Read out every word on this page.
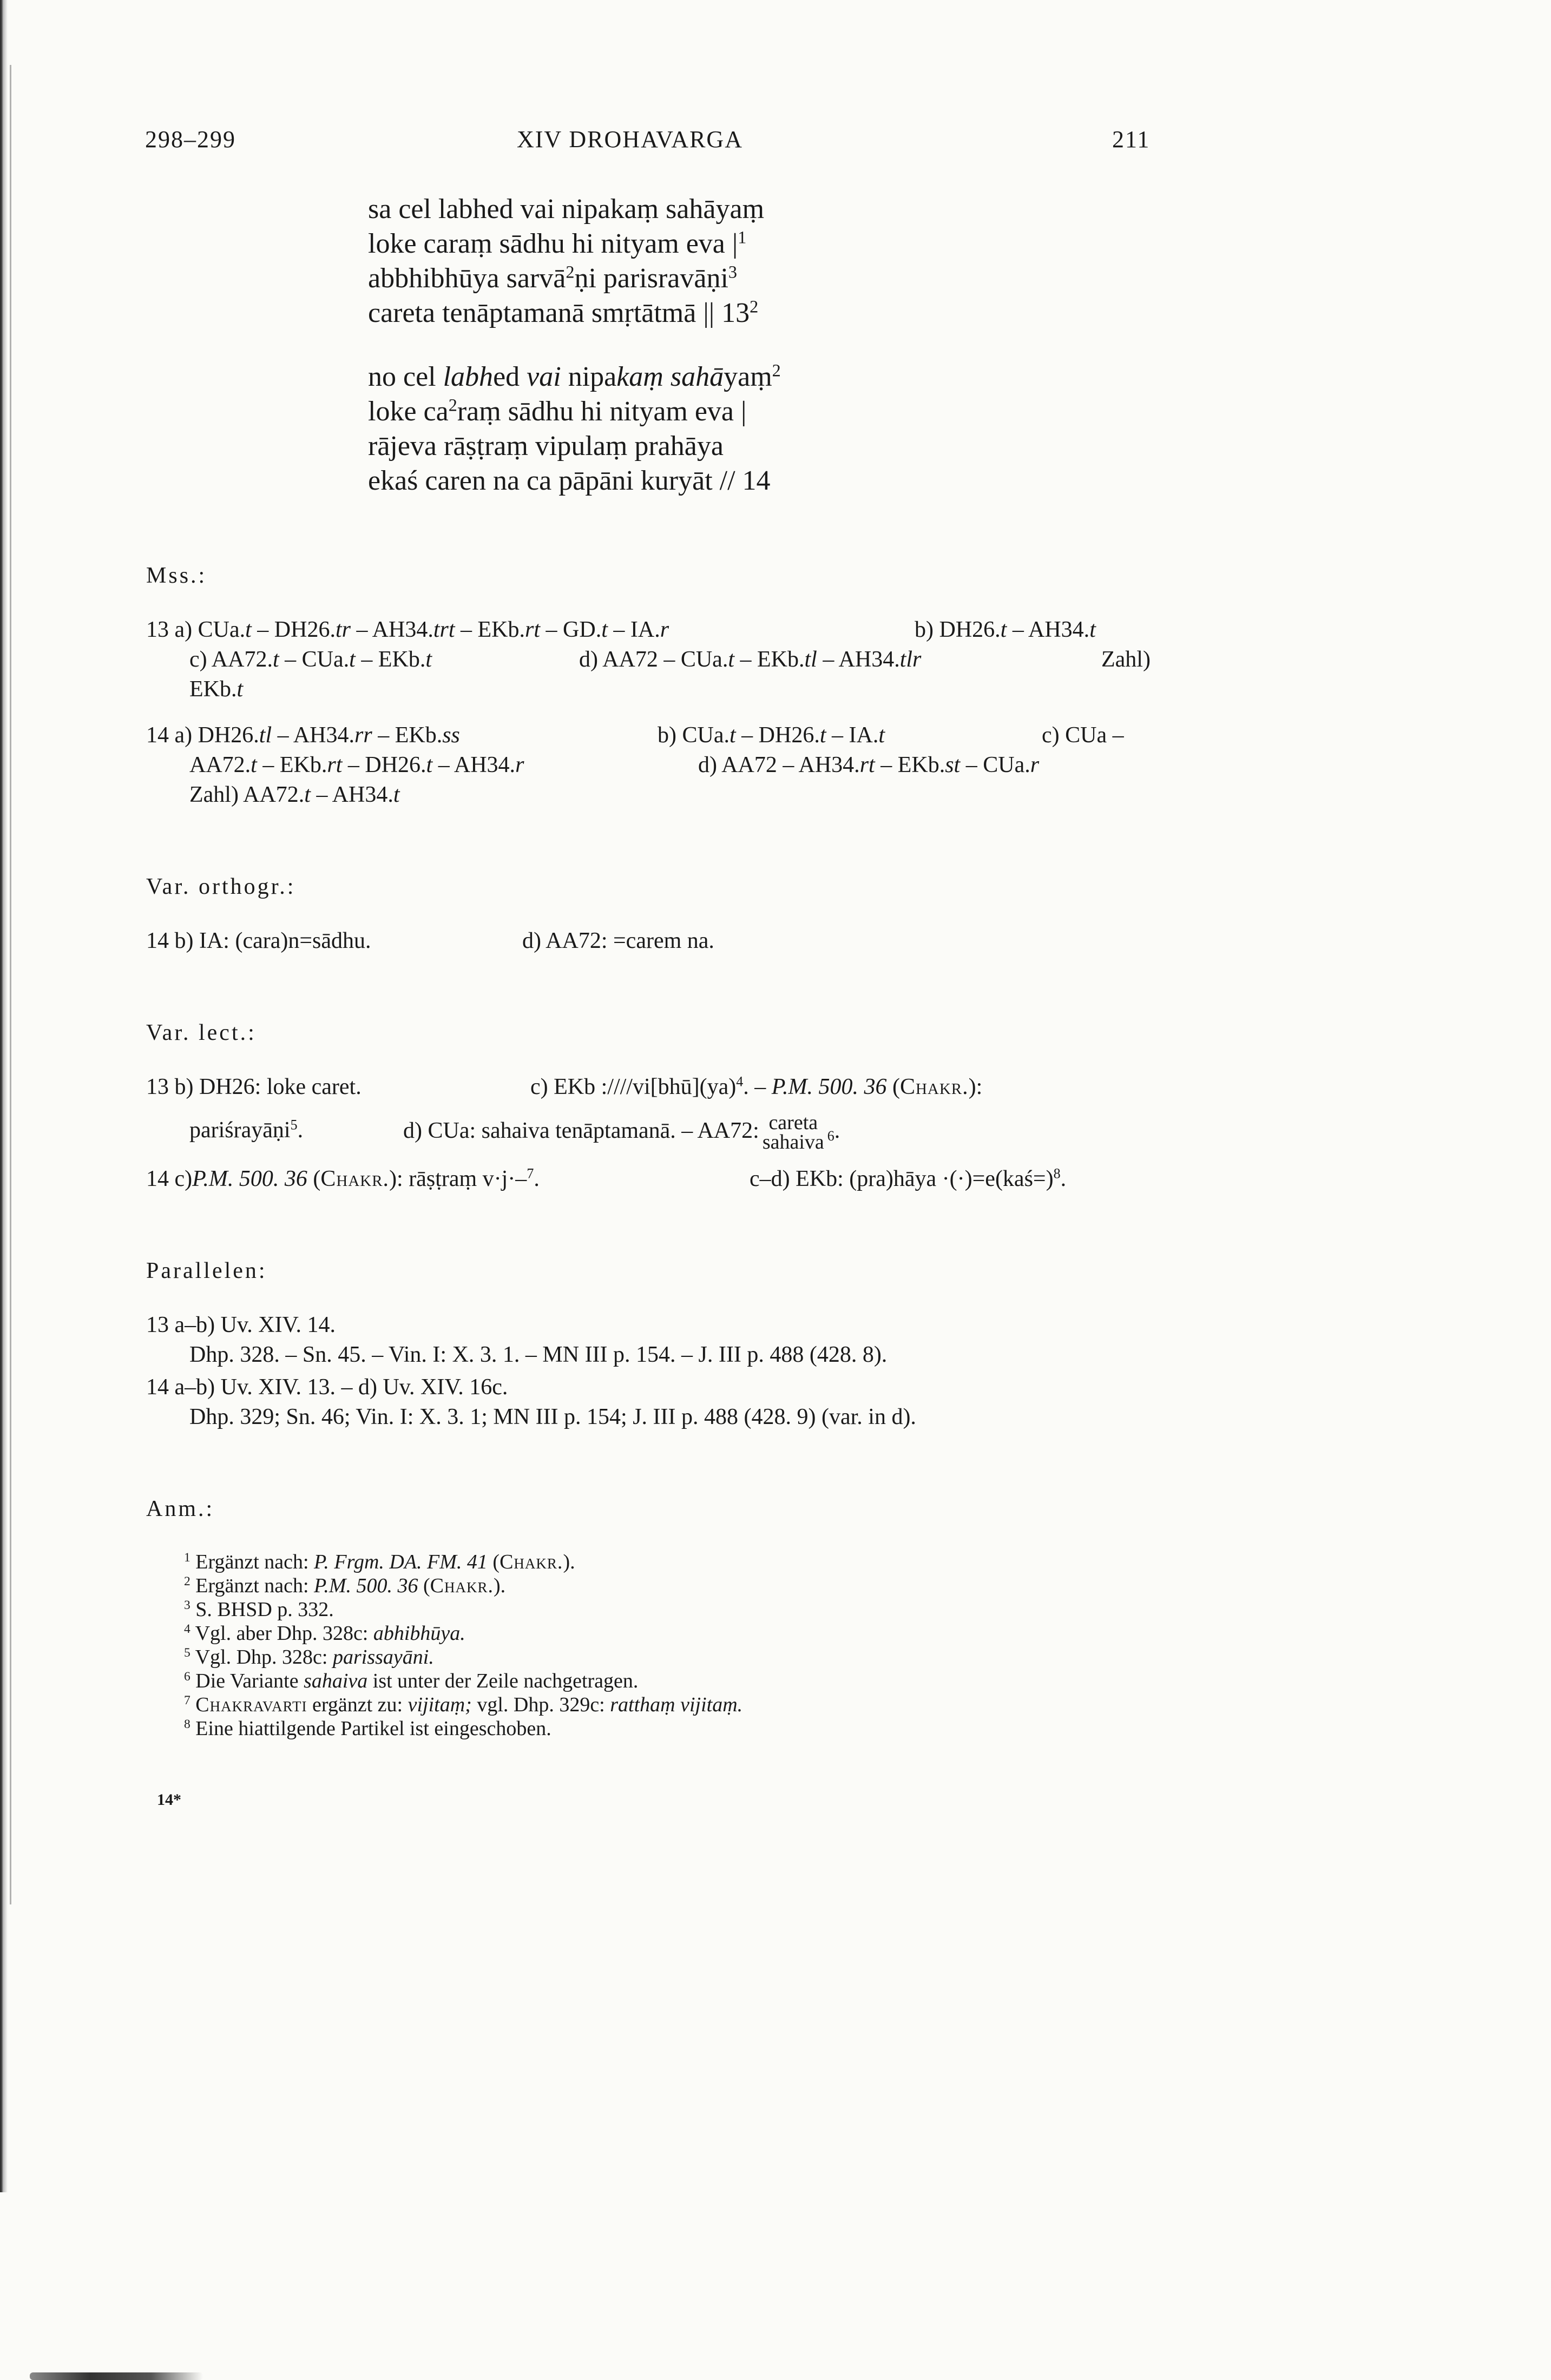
298–299	XIV DROHAVARGA	211
sa cel labhed vai nipakaṃ sahāyaṃ
loke caraṃ sādhu hi nityam eva $|^1$
abbhibhūya sarvā$^2$ṇi parisravāṇi$^3$
careta tenāptamanā smṛtātmā || $13^2$
no cel labhed vai nipakaṃ sahāyaṃ$^2$
loke $ca^2raṃ$ sādhu hi nityam eva |
rājeva rāṣṭraṃ vipulaṃ prahāya
ekaś caren na ca pāpāni kuryāt // 14
Mss.:
13 a) CUa.t – DH26.tr – AH34.trt – EKb.rt – GD.t – IA.r	b) DH26.t – AH34.t
c) AA72.t – CUa.t – EKb.t	d) AA72 – CUa.t – EKb.tl – AH34.tlr	Zahl)
EKb.t
14 a) DH26.tl – AH34.rr – EKb.ss	b) CUa.t – DH26.t – IA.t	c) CUa –
AA72.t – EKb.rt – DH26.t – AH34.r	d) AA72 – AH34.rt – EKb.st – CUa.r
Zahl) AA72.t – AH34.t
Var. orthogr.:
14 b) IA: (cara)n=sādhu.	d) AA72: =carem na.
Var. lect.:
13 b) DH26: loke caret.	c) EKb :////vi[bhū](ya)$^4$. – P.M. 500. 36 (Chakr.):
pariśrayāṇi$^5$.	d) CUa: sahaiva tenāptamanā. – AA72: careta
sahaiva $^6$.
14 c)P.M. 500. 36 (Chakr.): rāṣṭraṃ v·j·–$^7$.	c–d) EKb: (pra)hāya ·(·)=e(kaś=)$^8$.
Parallelen:
13 a–b) Uv. XIV. 14.
Dhp. 328. – Sn. 45. – Vin. I: X. 3. 1. – MN III p. 154. – J. III p. 488 (428. 8).
14 a–b) Uv. XIV. 13. – d) Uv. XIV. 16c.
Dhp. 329; Sn. 46; Vin. I: X. 3. 1; MN III p. 154; J. III p. 488 (428. 9) (var. in d).
Anm.:
$^1$ Ergänzt nach: P. Frgm. DA. FM. 41 (Chakr.).
$^2$ Ergänzt nach: P.M. 500. 36 (Chakr.).
$^3$ S. BHSD p. 332.
$^4$ Vgl. aber Dhp. 328c: abhibhūya.
$^5$ Vgl. Dhp. 328c: parissayāni.
$^6$ Die Variante sahaiva ist unter der Zeile nachgetragen.
$^7$ Chakravarti ergänzt zu: vijitaṃ; vgl. Dhp. 329c: ratthaṃ vijitaṃ.
$^8$ Eine hiattilgende Partikel ist eingeschoben.
14*
